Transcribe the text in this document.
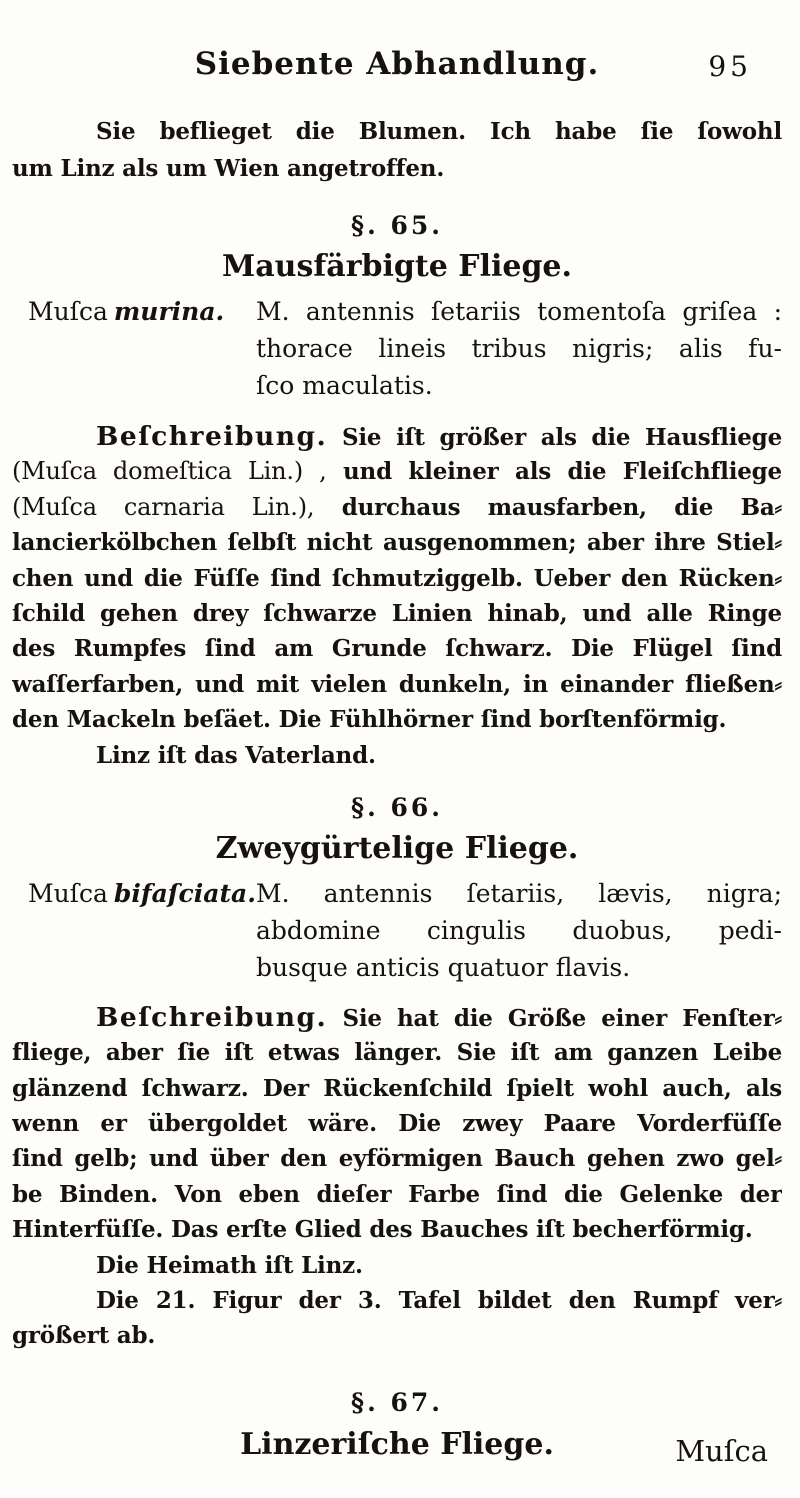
Siebente Abhandlung.	95
Sie beflieget die Blumen. Ich habe ſie ſowohl
um Linz als um Wien angetroffen.
§. 65.
Mausfärbigte Fliege.
Muſca murina.	M. antennis ſetariis tomentoſa griſea :
thorace lineis tribus nigris; alis fu-
ſco maculatis.
Beſchreibung. Sie iſt größer als die Hausfliege
(Muſca domeſtica Lin.) , und kleiner als die Fleiſchfliege
(Muſca carnaria Lin.), durchaus mausfarben, die Ba⸗
lancierkölbchen ſelbſt nicht ausgenommen; aber ihre Stiel⸗
chen und die Füſſe ſind ſchmutziggelb. Ueber den Rücken⸗
ſchild gehen drey ſchwarze Linien hinab, und alle Ringe
des Rumpfes ſind am Grunde ſchwarz. Die Flügel ſind
waſſerfarben, und mit vielen dunkeln, in einander fließen⸗
den Mackeln beſäet. Die Fühlhörner ſind borſtenförmig.
Linz iſt das Vaterland.
§. 66.
Zweygürtelige Fliege.
Muſca bifaſciata. M. antennis ſetariis, lævis, nigra;
abdomine cingulis duobus, pedi-
busque anticis quatuor flavis.
Beſchreibung. Sie hat die Größe einer Fenſter⸗
fliege, aber ſie iſt etwas länger. Sie iſt am ganzen Leibe
glänzend ſchwarz. Der Rückenſchild ſpielt wohl auch, als
wenn er übergoldet wäre. Die zwey Paare Vorderfüſſe
ſind gelb; und über den eyförmigen Bauch gehen zwo gel⸗
be Binden. Von eben dieſer Farbe ſind die Gelenke der
Hinterfüſſe. Das erſte Glied des Bauches iſt becherförmig.
Die Heimath iſt Linz.
Die 21. Figur der 3. Tafel bildet den Rumpf ver⸗
größert ab.
§. 67.
Linzeriſche Fliege.	Muſca
